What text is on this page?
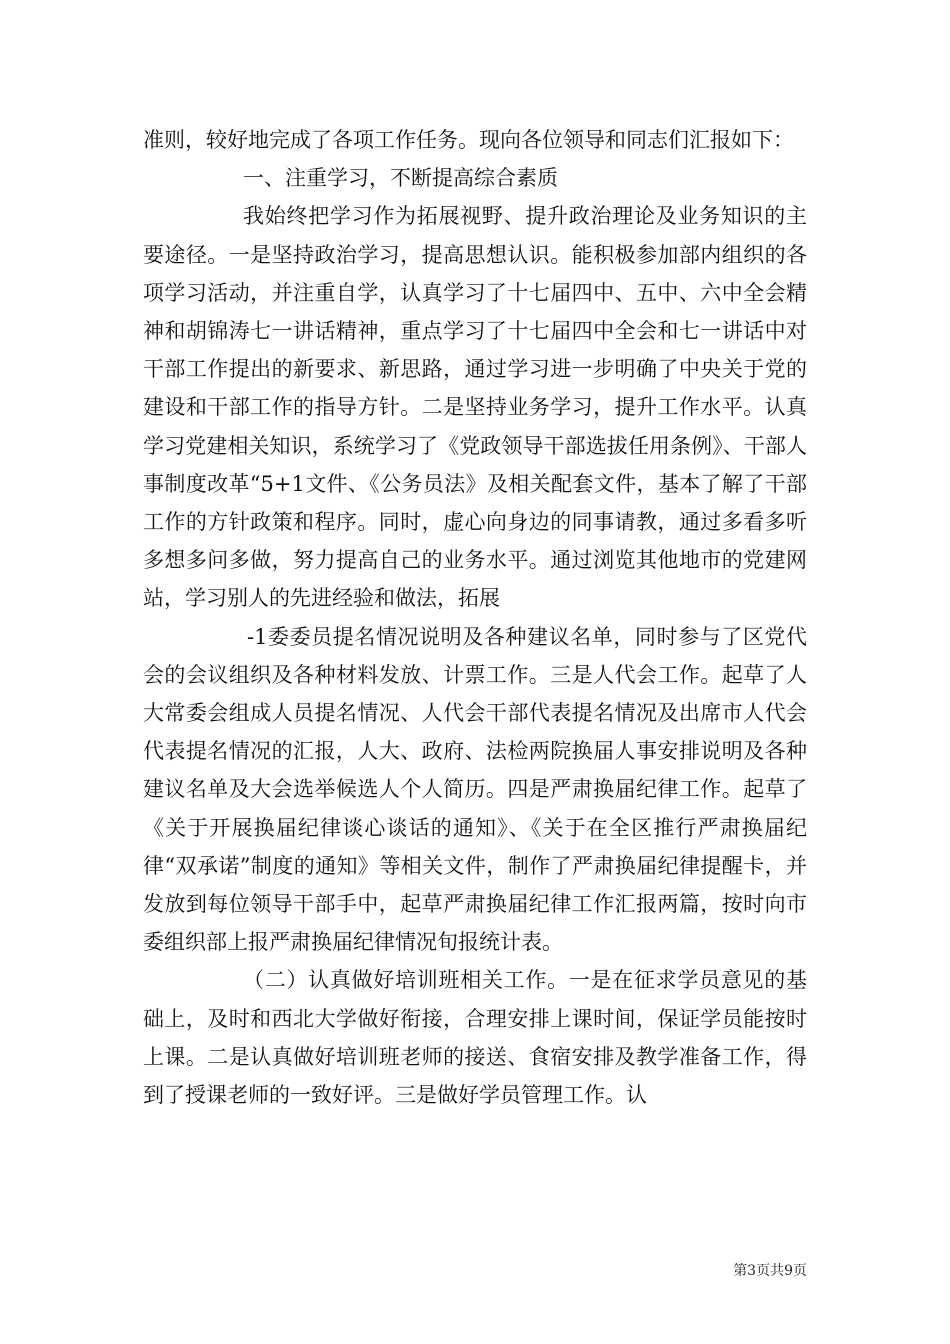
准则，较好地完成了各项工作任务。现向各位领导和同志们汇报如下：

一、注重学习，不断提高综合素质

我始终把学习作为拓展视野、提升政治理论及业务知识的主要途径。一是坚持政治学习，提高思想认识。能积极参加部内组织的各项学习活动，并注重自学，认真学习了十七届四中、五中、六中全会精神和胡锦涛七一讲话精神，重点学习了十七届四中全会和七一讲话中对干部工作提出的新要求、新思路，通过学习进一步明确了中央关于党的建设和干部工作的指导方针。二是坚持业务学习，提升工作水平。认真学习党建相关知识，系统学习了《党政领导干部选拔任用条例》、干部人事制度改革“5+1文件、《公务员法》及相关配套文件，基本了解了干部工作的方针政策和程序。同时，虚心向身边的同事请教，通过多看多听多想多问多做，努力提高自己的业务水平。通过浏览其他地市的党建网站，学习别人的先进经验和做法，拓展

-1委委员提名情况说明及各种建议名单，同时参与了区党代会的会议组织及各种材料发放、计票工作。三是人代会工作。起草了人大常委会组成人员提名情况、人代会干部代表提名情况及出席市人代会代表提名情况的汇报，人大、政府、法检两院换届人事安排说明及各种建议名单及大会选举候选人个人简历。四是严肃换届纪律工作。起草了《关于开展换届纪律谈心谈话的通知》、《关于在全区推行严肃换届纪律“双承诺”制度的通知》等相关文件，制作了严肃换届纪律提醒卡，并发放到每位领导干部手中，起草严肃换届纪律工作汇报两篇，按时向市委组织部上报严肃换届纪律情况旬报统计表。

（二）认真做好培训班相关工作。一是在征求学员意见的基础上，及时和西北大学做好衔接，合理安排上课时间，保证学员能按时上课。二是认真做好培训班老师的接送、食宿安排及教学准备工作，得到了授课老师的一致好评。三是做好学员管理工作。认

第3页共9页
